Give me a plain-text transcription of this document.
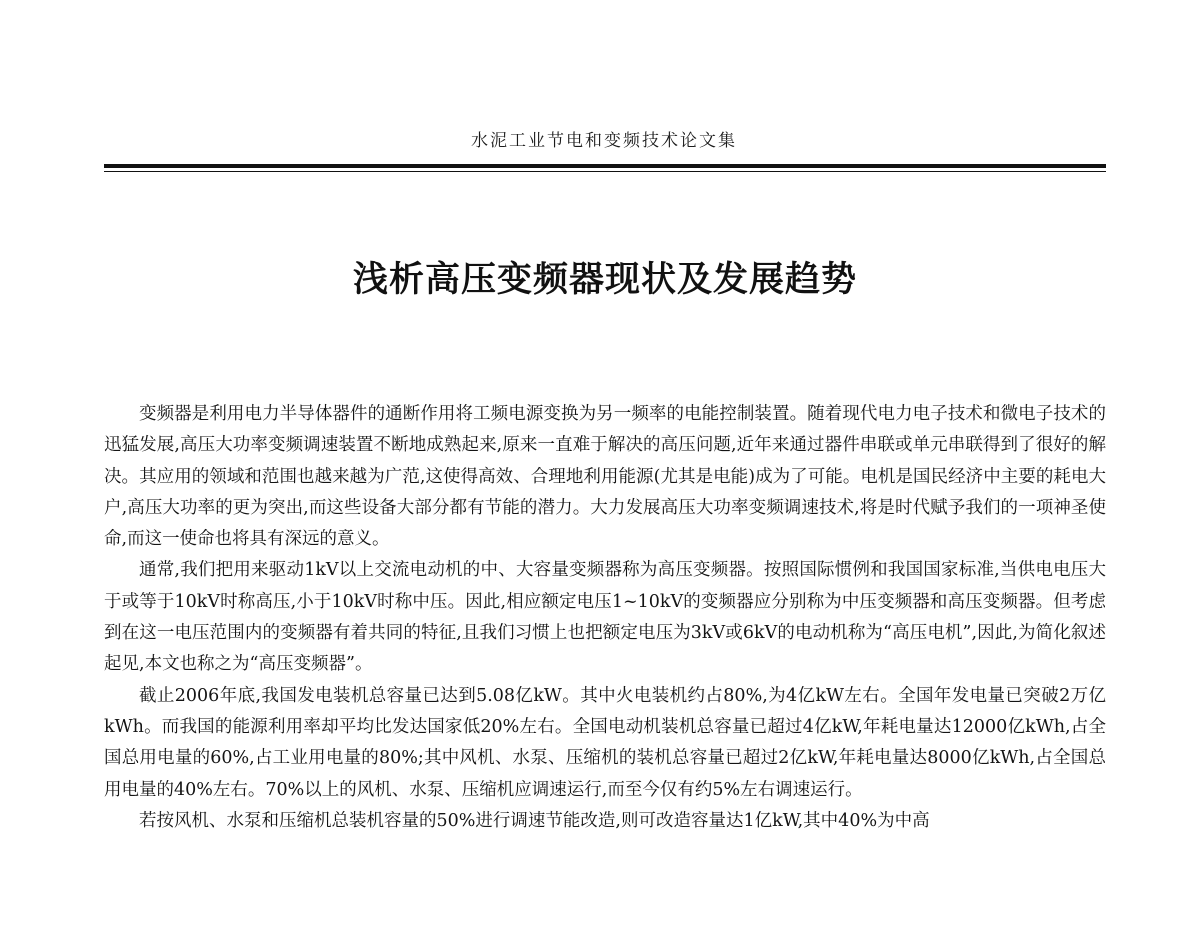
水泥工业节电和变频技术论文集
浅析高压变频器现状及发展趋势

变频器是利用电力半导体器件的通断作用将工频电源变换为另一频率的电能控制装置。随着现代电力电子技术和微电子技术的迅猛发展,高压大功率变频调速装置不断地成熟起来,原来一直难于解决的高压问题,近年来通过器件串联或单元串联得到了很好的解决。其应用的领域和范围也越来越为广范,这使得高效、合理地利用能源(尤其是电能)成为了可能。电机是国民经济中主要的耗电大户,高压大功率的更为突出,而这些设备大部分都有节能的潜力。大力发展高压大功率变频调速技术,将是时代赋予我们的一项神圣使命,而这一使命也将具有深远的意义。

通常,我们把用来驱动1kV以上交流电动机的中、大容量变频器称为高压变频器。按照国际惯例和我国国家标准,当供电电压大于或等于10kV时称高压,小于10kV时称中压。因此,相应额定电压1~10kV的变频器应分别称为中压变频器和高压变频器。但考虑到在这一电压范围内的变频器有着共同的特征,且我们习惯上也把额定电压为3kV或6kV的电动机称为“高压电机”,因此,为简化叙述起见,本文也称之为“高压变频器”。

截止2006年底,我国发电装机总容量已达到5.08亿kW。其中火电装机约占80%,为4亿kW左右。全国年发电量已突破2万亿kWh。而我国的能源利用率却平均比发达国家低20%左右。全国电动机装机总容量已超过4亿kW,年耗电量达12000亿kWh,占全国总用电量的60%,占工业用电量的80%;其中风机、水泵、压缩机的装机总容量已超过2亿kW,年耗电量达8000亿kWh,占全国总用电量的40%左右。70%以上的风机、水泵、压缩机应调速运行,而至今仅有约5%左右调速运行。

若按风机、水泵和压缩机总装机容量的50%进行调速节能改造,则可改造容量达1亿kW,其中40%为中高
